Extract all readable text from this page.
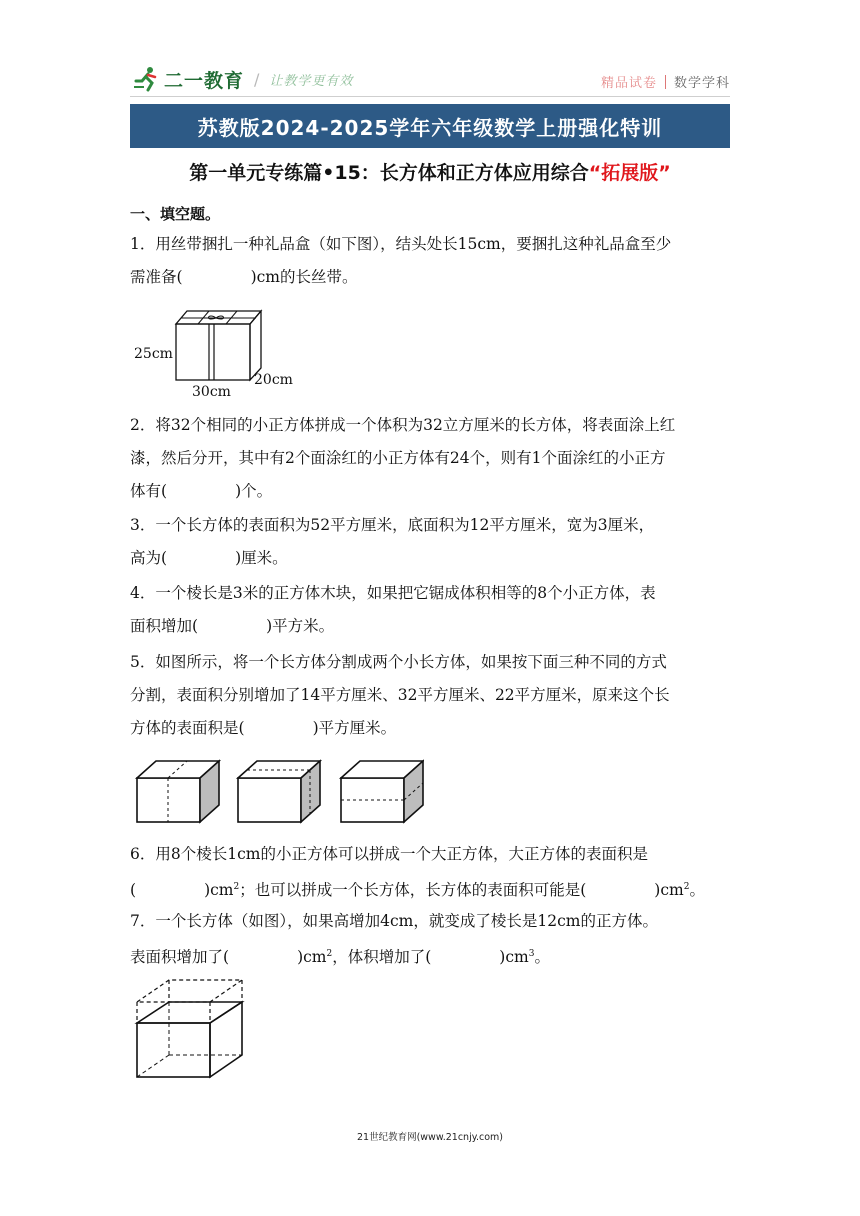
二一教育 / 让教学更有效	精品试卷 数学学科
苏教版2024-2025学年六年级数学上册强化特训
第一单元专练篇•15：长方体和正方体应用综合“拓展版”
一、填空题。
1．用丝带捆扎一种礼品盒（如下图），结头处长15cm，要捆扎这种礼品盒至少
需准备(	)cm的长丝带。
25cm
30cm
20cm
2．将32个相同的小正方体拼成一个体积为32立方厘米的长方体，将表面涂上红
漆，然后分开，其中有2个面涂红的小正方体有24个，则有1个面涂红的小正方
体有(	)个。
3．一个长方体的表面积为52平方厘米，底面积为12平方厘米，宽为3厘米，
高为(	)厘米。
4．一个棱长是3米的正方体木块，如果把它锯成体积相等的8个小正方体，表
面积增加(	)平方米。
5．如图所示，将一个长方体分割成两个小长方体，如果按下面三种不同的方式
分割，表面积分别增加了14平方厘米、32平方厘米、22平方厘米，原来这个长
方体的表面积是(	)平方厘米。
6．用8个棱长1cm的小正方体可以拼成一个大正方体，大正方体的表面积是
(	)$cm^2$；也可以拼成一个长方体，长方体的表面积可能是(	)$cm^2$。
7．一个长方体（如图），如果高增加4cm，就变成了棱长是12cm的正方体。
表面积增加了(	)$cm^2$，体积增加了(	)$cm^3$。
21世纪教育网(www.21cnjy.com)
